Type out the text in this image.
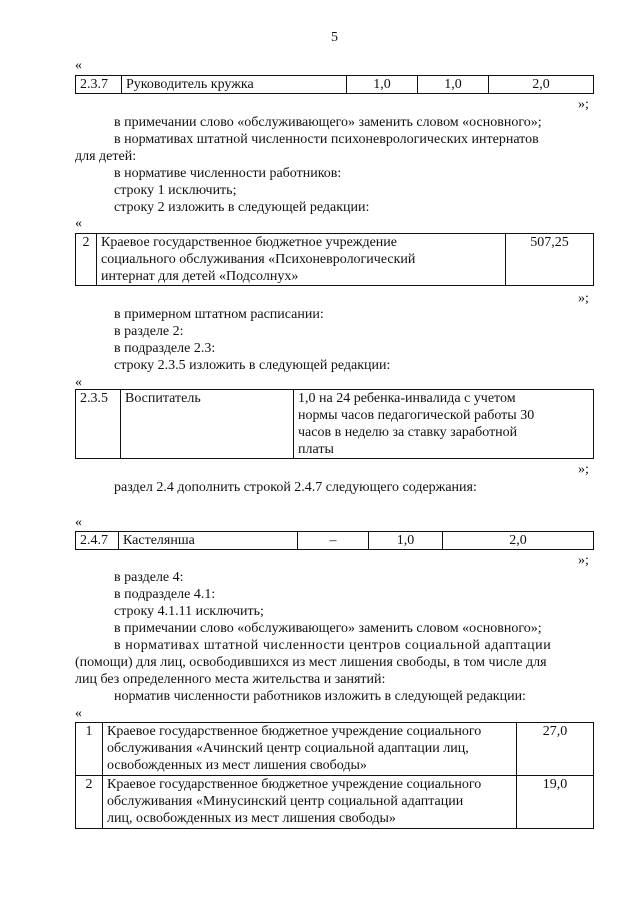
5
«
2.3.7	Руководитель кружка	1,0	1,0	2,0
»;
в примечании слово «обслуживающего» заменить словом «основного»;
в нормативах штатной численности психоневрологических интернатов
для детей:
в нормативе численности работников:
строку 1 исключить;
строку 2 изложить в следующей редакции:
«
2	Краевое государственное бюджетное учреждение
социального обслуживания «Психоневрологический
интернат для детей «Подсолнух»
	507,25
»;
в примерном штатном расписании:
в разделе 2:
в подразделе 2.3:
строку 2.3.5 изложить в следующей редакции:
«
2.3.5	Воспитатель	1,0 на 24 ребенка-инвалида с учетом
нормы часов педагогической работы 30
часов в неделю за ставку заработной
платы
»;
раздел 2.4 дополнить строкой 2.4.7 следующего содержания:
«
2.4.7	Кастелянша	–	1,0	2,0
»;
в разделе 4:
в подразделе 4.1:
строку 4.1.11 исключить;
в примечании слово «обслуживающего» заменить словом «основного»;
в нормативах штатной численности центров социальной адаптации
(помощи) для лиц, освободившихся из мест лишения свободы, в том числе для
лиц без определенного места жительства и занятий:
норматив численности работников изложить в следующей редакции:
«
1	Краевое государственное бюджетное учреждение социального
обслуживания «Ачинский центр социальной адаптации лиц,
освобожденных из мест лишения свободы»	27,0
2	Краевое государственное бюджетное учреждение социального
обслуживания «Минусинский центр социальной адаптации
лиц, освобожденных из мест лишения свободы»	19,0
